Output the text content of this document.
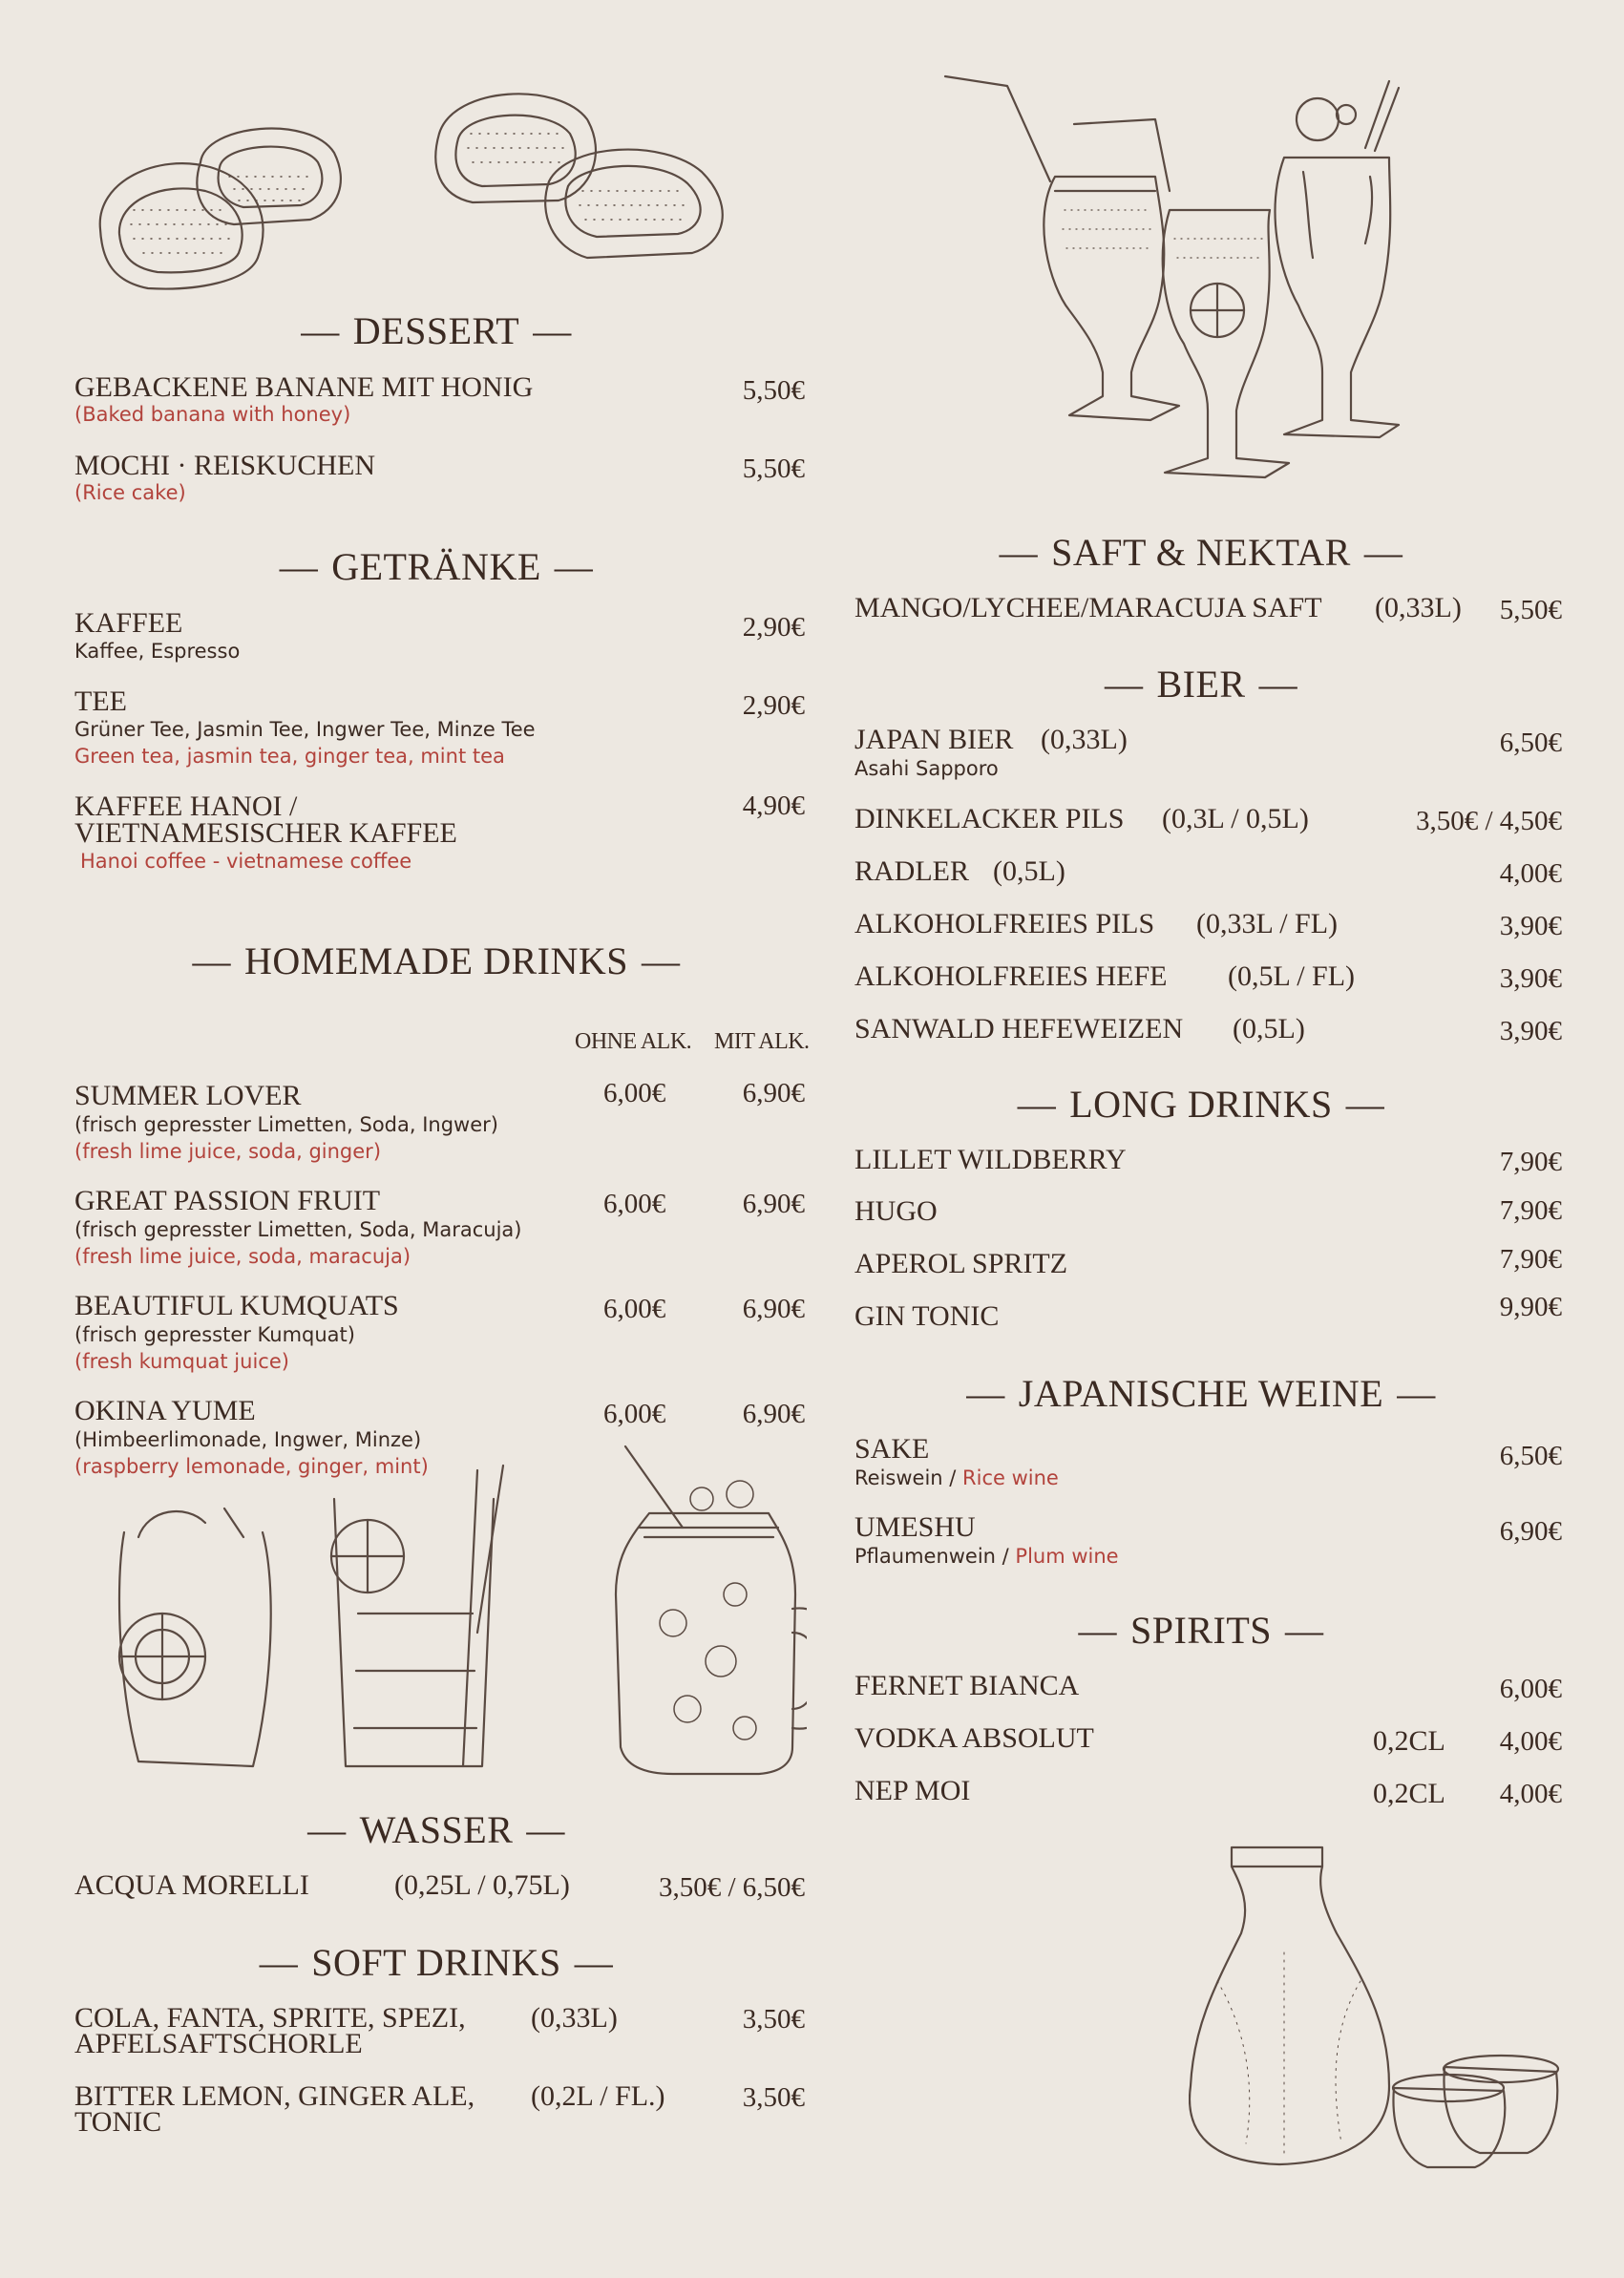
— DESSERT —
GEBACKENE BANANE MIT HONIG
(Baked banana with honey)
5,50€
MOCHI · REISKUCHEN
(Rice cake)
5,50€
— GETRÄNKE —
KAFFEE
Kaffee, Espresso
2,90€
TEE
Grüner Tee, Jasmin Tee, Ingwer Tee, Minze Tee
Green tea, jasmin tea, ginger tea, mint tea
2,90€
KAFFEE HANOI /
VIETNAMESISCHER KAFFEE
Hanoi coffee - vietnamese coffee
4,90€
— HOMEMADE DRINKS —
OHNE ALK. MIT ALK.
SUMMER LOVER
(frisch gepresster Limetten, Soda, Ingwer)
(fresh lime juice, soda, ginger)
6,00€	6,90€
GREAT PASSION FRUIT
(frisch gepresster Limetten, Soda, Maracuja)
(fresh lime juice, soda, maracuja)
6,00€	6,90€
BEAUTIFUL KUMQUATS
(frisch gepresster Kumquat)
(fresh kumquat juice)
6,00€	6,90€
OKINA YUME
(Himbeerlimonade, Ingwer, Minze)
(raspberry lemonade, ginger, mint)
6,00€	6,90€
— WASSER —
ACQUA MORELLI	(0,25L / 0,75L)	3,50€ / 6,50€
— SOFT DRINKS —
COLA, FANTA, SPRITE, SPEZI,
APFELSAFTSCHORLE
(0,33L)	3,50€
BITTER LEMON, GINGER ALE,
TONIC
(0,2L / FL.)	3,50€
— SAFT & NEKTAR —
MANGO/LYCHEE/MARACUJA SAFT (0,33L) 5,50€
— BIER —
JAPAN BIER (0,33L)
Asahi Sapporo
6,50€
DINKELACKER PILS (0,3L / 0,5L)	3,50€ / 4,50€
RADLER (0,5L)	4,00€
ALKOHOLFREIES PILS (0,33L / FL)	3,90€
ALKOHOLFREIES HEFE (0,5L / FL)	3,90€
SANWALD HEFEWEIZEN (0,5L)	3,90€
— LONG DRINKS —
LILLET WILDBERRY	7,90€
HUGO	7,90€
APEROL SPRITZ	7,90€
GIN TONIC	9,90€
— JAPANISCHE WEINE —
SAKE
Reiswein / Rice wine
6,50€
UMESHU
Pflaumenwein / Plum wine
6,90€
— SPIRITS —
FERNET BIANCA	6,00€
VODKA ABSOLUT	0,2CL 4,00€
NEP MOI	0,2CL 4,00€
